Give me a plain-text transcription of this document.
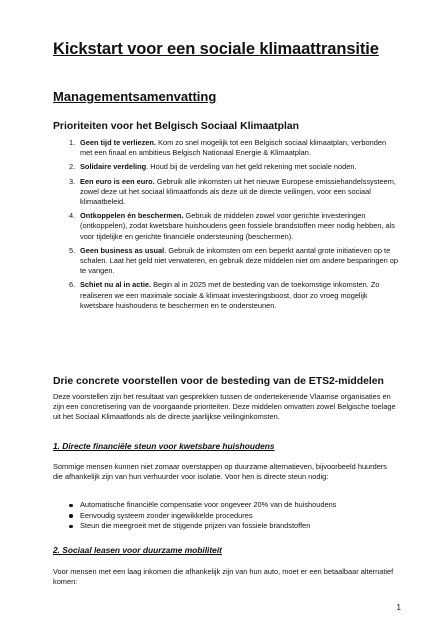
Kickstart voor een sociale klimaattransitie
Managementsamenvatting
Prioriteiten voor het Belgisch Sociaal Klimaatplan
1. Geen tijd te verliezen. Kom zo snel mogelijk tot een Belgisch sociaal klimaatplan, verbonden met een finaal en ambitieus Belgisch Nationaal Energie & Klimaatplan.
2. Solidaire verdeling. Houd bij de verdeling van het geld rekening met sociale noden.
3. Een euro is een euro. Gebruik alle inkomsten uit het nieuwe Europese emissiehandelssysteem, zowel deze uit het sociaal klimaatfonds als deze uit de directe veilingen, voor een sociaal klimaatbeleid.
4. Ontkoppelen én beschermen. Gebruik de middelen zowel voor gerichte investeringen (ontkoppelen), zodat kwetsbare huishoudens geen fossiele brandstoffen meer nodig hebben, als voor tijdelijke en gerichte financiële ondersteuning (beschermen).
5. Geen business as usual. Gebruik de inkomsten om een beperkt aantal grote initiatieven op te schalen. Laat het geld niet verwateren, en gebruik deze middelen niet om andere besparingen op te vangen.
6. Schiet nu al in actie. Begin al in 2025 met de besteding van de toekomstige inkomsten. Zo realiseren we een maximale sociale & klimaat investeringsboost, door zo vroeg mogelijk kwetsbare huishoudens te beschermen en te ondersteunen.
Drie concrete voorstellen voor de besteding van de ETS2-middelen

Deze voorstellen zijn het resultaat van gesprekken tussen de ondertekenende Vlaamse organisaties en zijn een concretisering van de voorgaande prioriteiten. Deze middelen omvatten zowel Belgische toelage uit het Sociaal Klimaatfonds als de directe jaarlijkse veilinginkomsten.

1. Directe financiële steun voor kwetsbare huishoudens

Sommige mensen kunnen niet zomaar overstappen op duurzame alternatieven, bijvoorbeeld huurders die afhankelijk zijn van hun verhuurder voor isolatie. Voor hen is directe steun nodig:

Automatische financiële compensatie voor ongeveer 20% van de huishoudens
Eenvoudig systeem zonder ingewikkelde procedures
Steun die meegroeit met de stijgende prijzen van fossiele brandstoffen
2. Sociaal leasen voor duurzame mobiliteit

Voor mensen met een laag inkomen die afhankelijk zijn van hun auto, moet er een betaalbaar alternatief komen:

1
